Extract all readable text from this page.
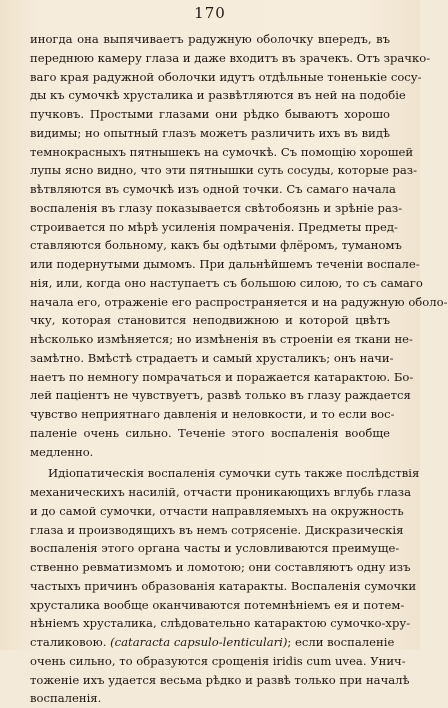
170
иногда она выпячиваетъ радужную оболочку впередъ, въ
переднюю камеру глаза и даже входитъ въ зрачекъ. Отъ зрачко-
ваго края радужной оболочки идутъ отдѣльные тоненькіе сосу-
ды къ сумочкѣ хрусталика и развѣтляются въ ней на подобіе
пучковъ. Простыми глазами они рѣдко бываютъ хорошо
видимы; но опытный глазъ можетъ различить ихъ въ видѣ
темнокрасныхъ пятнышекъ на сумочкѣ. Съ помощію хорошей
лупы ясно видно, что эти пятнышки суть сосуды, которые раз-
вѣтвляются въ сумочкѣ изъ одной точки. Съ самаго начала
воспаленія въ глазу показывается свѣтобоязнь и зрѣніе раз-
строивается по мѣрѣ усиленія помраченія. Предметы пред-
ставляются больному, какъ бы одѣтыми флёромъ, туманомъ
или подернутыми дымомъ. При дальнѣйшемъ теченіи воспале-
нія, или, когда оно наступаетъ съ большою силою, то съ самаго
начала его, отраженіе его распространяется и на радужную оболо-
чку, которая становится неподвижною и которой цвѣтъ
нѣсколько измѣняется; но измѣненія въ строеніи ея ткани не-
замѣтно. Вмѣстѣ страдаетъ и самый хрусталикъ; онъ начи-
наетъ по немногу помрачаться и поражается катарактою. Бо-
лей паціентъ не чувствуетъ, развѣ только въ глазу раждается
чувство неприятнаго давленія и неловкости, и то если вос-
паленіе очень сильно. Теченіе этого воспаленія вообще
медленно.
Идіопатическія воспаленія сумочки суть также послѣдствія
механическихъ насилій, отчасти проникающихъ вглубь глаза
и до самой сумочки, отчасти направляемыхъ на окружность
глаза и производящихъ въ немъ сотрясеніе. Дискразическія
воспаленія этого органа часты и условливаются преимуще-
ственно ревматизмомъ и ломотою; они составляютъ одну изъ
частыхъ причинъ образованія катаракты. Воспаленія сумочки
хрусталика вообще оканчиваются потемнѣніемъ ея и потем-
нѣніемъ хрусталика, слѣдовательно катарактою сумочко-хру-
сталиковою. (cataracta capsulo-lenticulari); если воспаленіе
очень сильно, то образуются срощенія iridis cum uvea. Унич-
тоженіе ихъ удается весьма рѣдко и развѣ только при началѣ
воспаленія.
